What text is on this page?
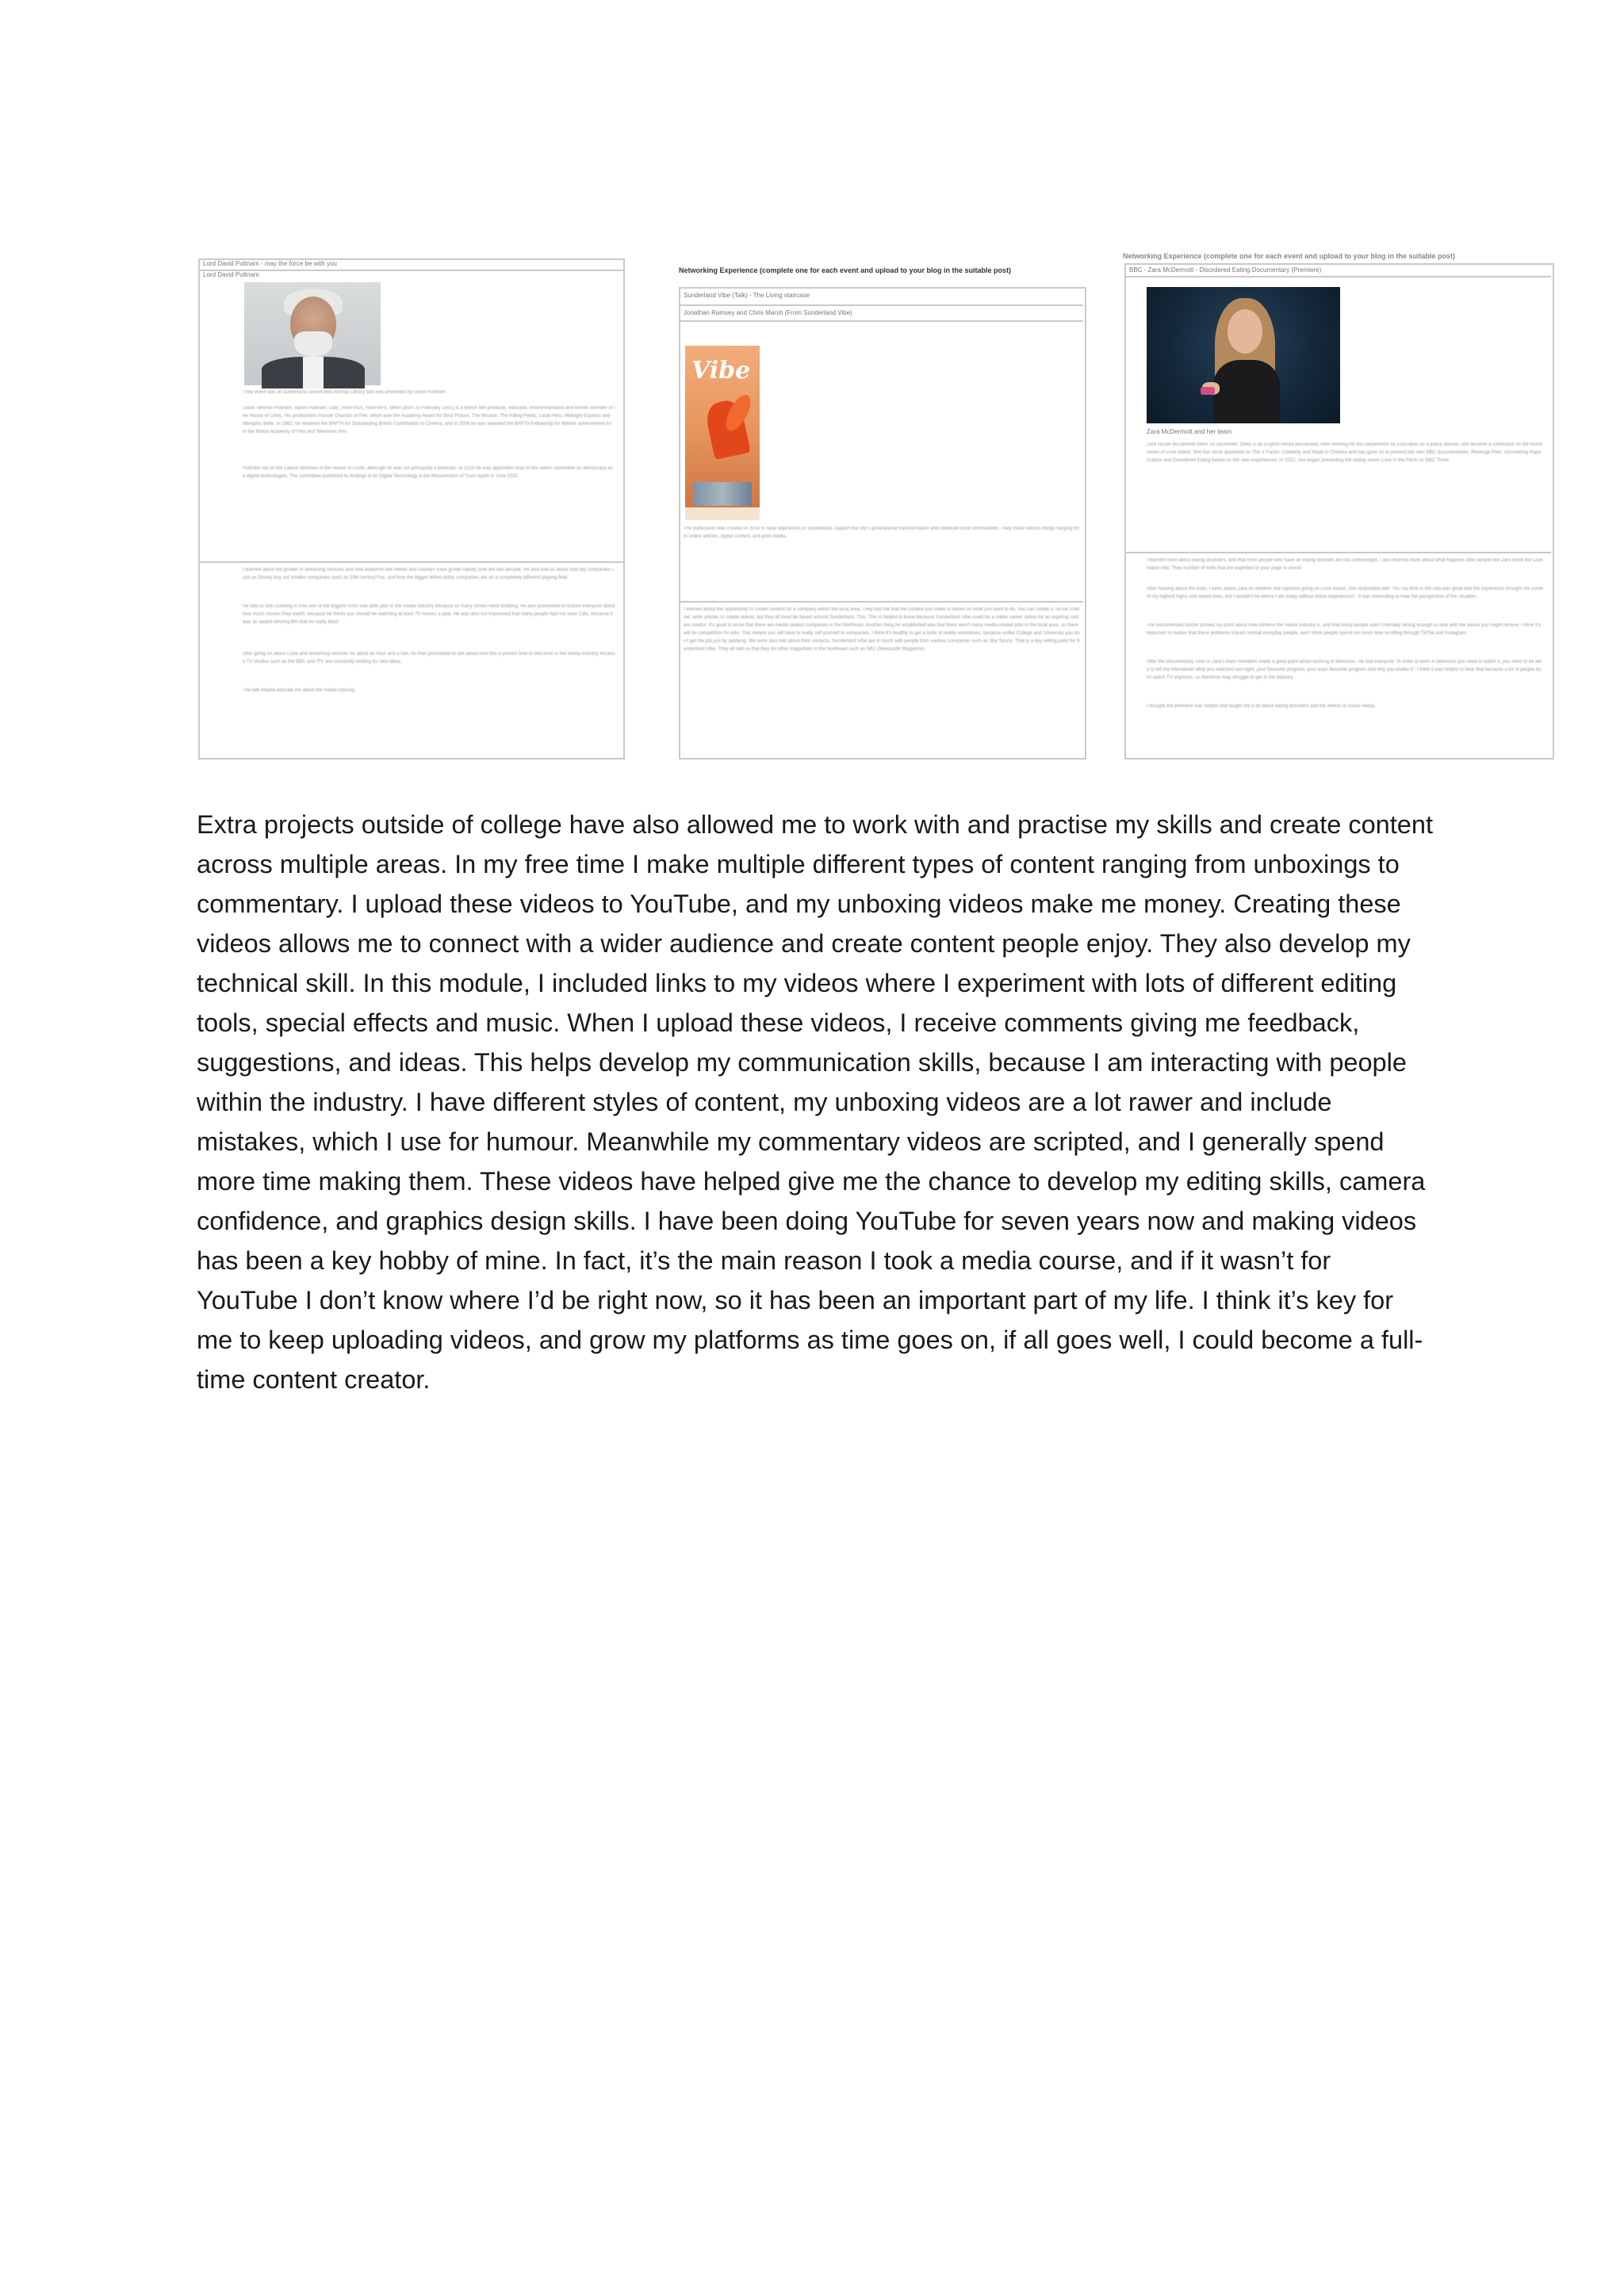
Lord David Puttnam - may the force be with you
Lord David Puttnam
They event was at Sunderland Universities Murray Library and was presented by David Puttnam.
David Terence Puttnam, Baron Puttnam, CBE, HonFRSA, HonFRPS, MRIA (born 25 February 1941) is a British film producer, educator, environmentalist and former member of the House of Lords. His productions include Chariots of Fire, which won the Academy Award for Best Picture, The Mission, The Killing Fields, Local Hero, Midnight Express and Memphis Belle. In 1982, he received the BAFTA for Outstanding British Contribution to Cinema, and in 2006 he was awarded the BAFTA Fellowship for lifetime achievement from the British Academy of Film and Television Arts.
Puttnam sat on the Labour benches in the House of Lords, although he was not principally a politician. In 2019 he was appointed chair to the select committee on democracy and digital technologies. The committee published its findings in its Digital Technology & the Resurrection of Trust report in June 2020.
I learned about the growth of streaming services and how platforms like Netflix and Disney+ have grown rapidly over the last decade. He also told us about how big companies such as Disney buy out smaller companies such as 20th century Fox, and how the bigger billion-dollar companies are on a completely different playing field.
He told us that Dubbing is now one of the biggest most sow after jobs in the media industry because so many shows need dubbing. He also proceeded to lecture everyone about how much movies they watch, because he thinks you should be watching at least 70 movies a year. He was also not impressed that many people had not seen Cats, because it was an award winning film that he really liked.
After going on about Cuba and streaming services for about an hour and a half, he then proceeded to talk about how this is perfect time to find work in the media industry because TV studios such as the BBC and ITV are constantly looking for new ideas.
The talk helped educate me about the media industry.
Networking Experience (complete one for each event and upload to your blog in the suitable post)
Sunderland Vibe (Talk) - The Living staircase
Jonathan Ramsey and Chris Marsh (From Sunderland Vibe)
Vibe
The publication was created in 2014 to raise aspirations in Sunderland, support the city's generational transformation and celebrate local communities. They make various things ranging from online articles, digital content, and print media.
I learned about the opportunity to create content for a company within the local area. They told me that the content you make is based on what you want to do. You can create a TikTok channel, write articles or create videos, but they all must be based around Sunderland. This. This is helpful to know because Sunderland Vibe could be a viable career option for an aspiring content creator. It's good to know that there are media related companies in the Northeast. Another thing he established was that there aren't many media related jobs in the local area, so there will be competition for jobs. This means you will have to really sell yourself to companies. I think it's healthy to get a taste of reality sometimes, because unlike College and University you don't get the job just by applying. We were also told about their contacts; Sunderland Vibe are in touch with people from various companies such as Sky Sports. That is a key selling point for Sunderland Vibe. They all told us that they do other magazines in the Northeast such as NE1 (Newcastle Magazine).
Networking Experience (complete one for each event and upload to your blog in the suitable post)
BBC - Zara McDermott - Disordered Eating Documentary (Premiere)
Zara McDermott and her team
Zara Nicole McDermott (born 14 December 1996) is an English media personality. After working for the Department for Education as a policy adviser, she became a contestant on the fourth series of Love Island. She has since appeared on The X Factor: Celebrity and Made in Chelsea and has gone on to present her own BBC documentaries, Revenge Porn, Uncovering Rape Culture and Disordered Eating based on her own experiences. In 2022, she began presenting the dating series Love in the Flesh on BBC Three.
I learned more about eating disorders, and that most people who have an eating disorder are not underweight. I also learned more about what happens after people like Zara leave the Love Island villa. They number of trolls that are exploited to your page is unreal.
After hearing about the trolls, I even asked Zara on whether she reported going on Love Island. She responded with "No, my time in the villa was great and the experience brought me some of my highest highs and lowest lows, but I wouldn't be where I am today without these experiences". It was interesting to hear her perspective of the situation.
The documentary further proved my point about how ruthless the media industry is, and that many people aren't mentally strong enough to deal with the abuse you might receive. I think it's important to realise that these problems impact normal everyday people, and I think people spend too much time scrolling through TikTok and Instagram.
After the documentary, One of Zara's team members made a good point about working in television. He told everyone "In order to work in television you need to watch it, you need to be able to tell the interviewer what you watched last night, your favourite program, your least favourite program and why you dislike it". I think it was helpful to hear that because a lot of people don't watch TV anymore, so therefore may struggle to get in the industry.
I thought the premiere was helpful and taught me a lot about eating disorders and the effects of social media.

Extra projects outside of college have also allowed me to work with and practise my skills and create content across multiple areas. In my free time I make multiple different types of content ranging from unboxings to commentary. I upload these videos to YouTube, and my unboxing videos make me money. Creating these videos allows me to connect with a wider audience and create content people enjoy. They also develop my technical skill. In this module, I included links to my videos where I experiment with lots of different editing tools, special effects and music. When I upload these videos, I receive comments giving me feedback, suggestions, and ideas. This helps develop my communication skills, because I am interacting with people within the industry. I have different styles of content, my unboxing videos are a lot rawer and include mistakes, which I use for humour. Meanwhile my commentary videos are scripted, and I generally spend more time making them. These videos have helped give me the chance to develop my editing skills, camera confidence, and graphics design skills. I have been doing YouTube for seven years now and making videos has been a key hobby of mine. In fact, it’s the main reason I took a media course, and if it wasn’t for YouTube I don’t know where I’d be right now, so it has been an important part of my life. I think it’s key for me to keep uploading videos, and grow my platforms as time goes on, if all goes well, I could become a full-time content creator.
